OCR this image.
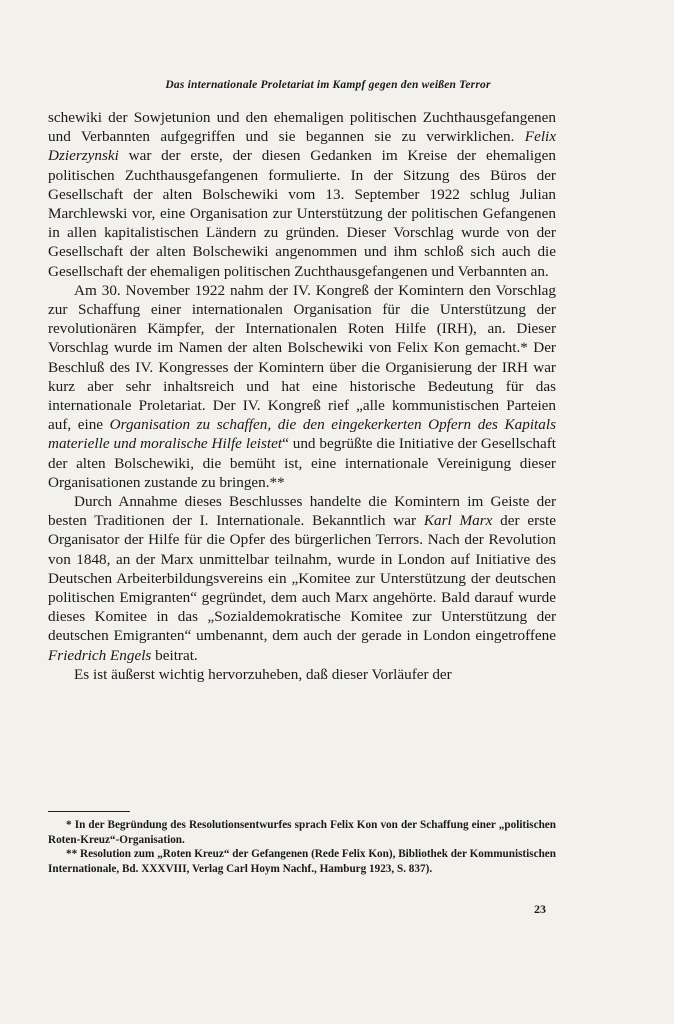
Das internationale Proletariat im Kampf gegen den weißen Terror

schewiki der Sowjetunion und den ehemaligen politischen Zuchthausgefangenen und Verbannten aufgegriffen und sie begannen sie zu verwirklichen. Felix Dzierzynski war der erste, der diesen Gedanken im Kreise der ehemaligen politischen Zuchthausgefangenen formulierte. In der Sitzung des Büros der Gesellschaft der alten Bolschewiki vom 13. September 1922 schlug Julian Marchlewski vor, eine Organisation zur Unterstützung der politischen Gefangenen in allen kapitalistischen Ländern zu gründen. Dieser Vorschlag wurde von der Gesellschaft der alten Bolschewiki angenommen und ihm schloß sich auch die Gesellschaft der ehemaligen politischen Zuchthausgefangenen und Verbannten an.

Am 30. November 1922 nahm der IV. Kongreß der Komintern den Vorschlag zur Schaffung einer internationalen Organisation für die Unterstützung der revolutionären Kämpfer, der Internationalen Roten Hilfe (IRH), an. Dieser Vorschlag wurde im Namen der alten Bolschewiki von Felix Kon gemacht.* Der Beschluß des IV. Kongresses der Komintern über die Organisierung der IRH war kurz aber sehr inhaltsreich und hat eine historische Bedeutung für das internationale Proletariat. Der IV. Kongreß rief „alle kommunistischen Parteien auf, eine Organisation zu schaffen, die den eingekerkerten Opfern des Kapitals materielle und moralische Hilfe leistet“ und begrüßte die Initiative der Gesellschaft der alten Bolschewiki, die bemüht ist, eine internationale Vereinigung dieser Organisationen zustande zu bringen.**

Durch Annahme dieses Beschlusses handelte die Komintern im Geiste der besten Traditionen der I. Internationale. Bekanntlich war Karl Marx der erste Organisator der Hilfe für die Opfer des bürgerlichen Terrors. Nach der Revolution von 1848, an der Marx unmittelbar teilnahm, wurde in London auf Initiative des Deutschen Arbeiterbildungsvereins ein „Komitee zur Unterstützung der deutschen politischen Emigranten“ gegründet, dem auch Marx angehörte. Bald darauf wurde dieses Komitee in das „Sozialdemokratische Komitee zur Unterstützung der deutschen Emigranten“ umbenannt, dem auch der gerade in London eingetroffene Friedrich Engels beitrat.

Es ist äußerst wichtig hervorzuheben, daß dieser Vorläufer der

* In der Begründung des Resolutionsentwurfes sprach Felix Kon von der Schaffung einer „politischen Roten-Kreuz“-Organisation.

** Resolution zum „Roten Kreuz“ der Gefangenen (Rede Felix Kon), Bibliothek der Kommunistischen Internationale, Bd. XXXVIII, Verlag Carl Hoym Nachf., Hamburg 1923, S. 837).

23
